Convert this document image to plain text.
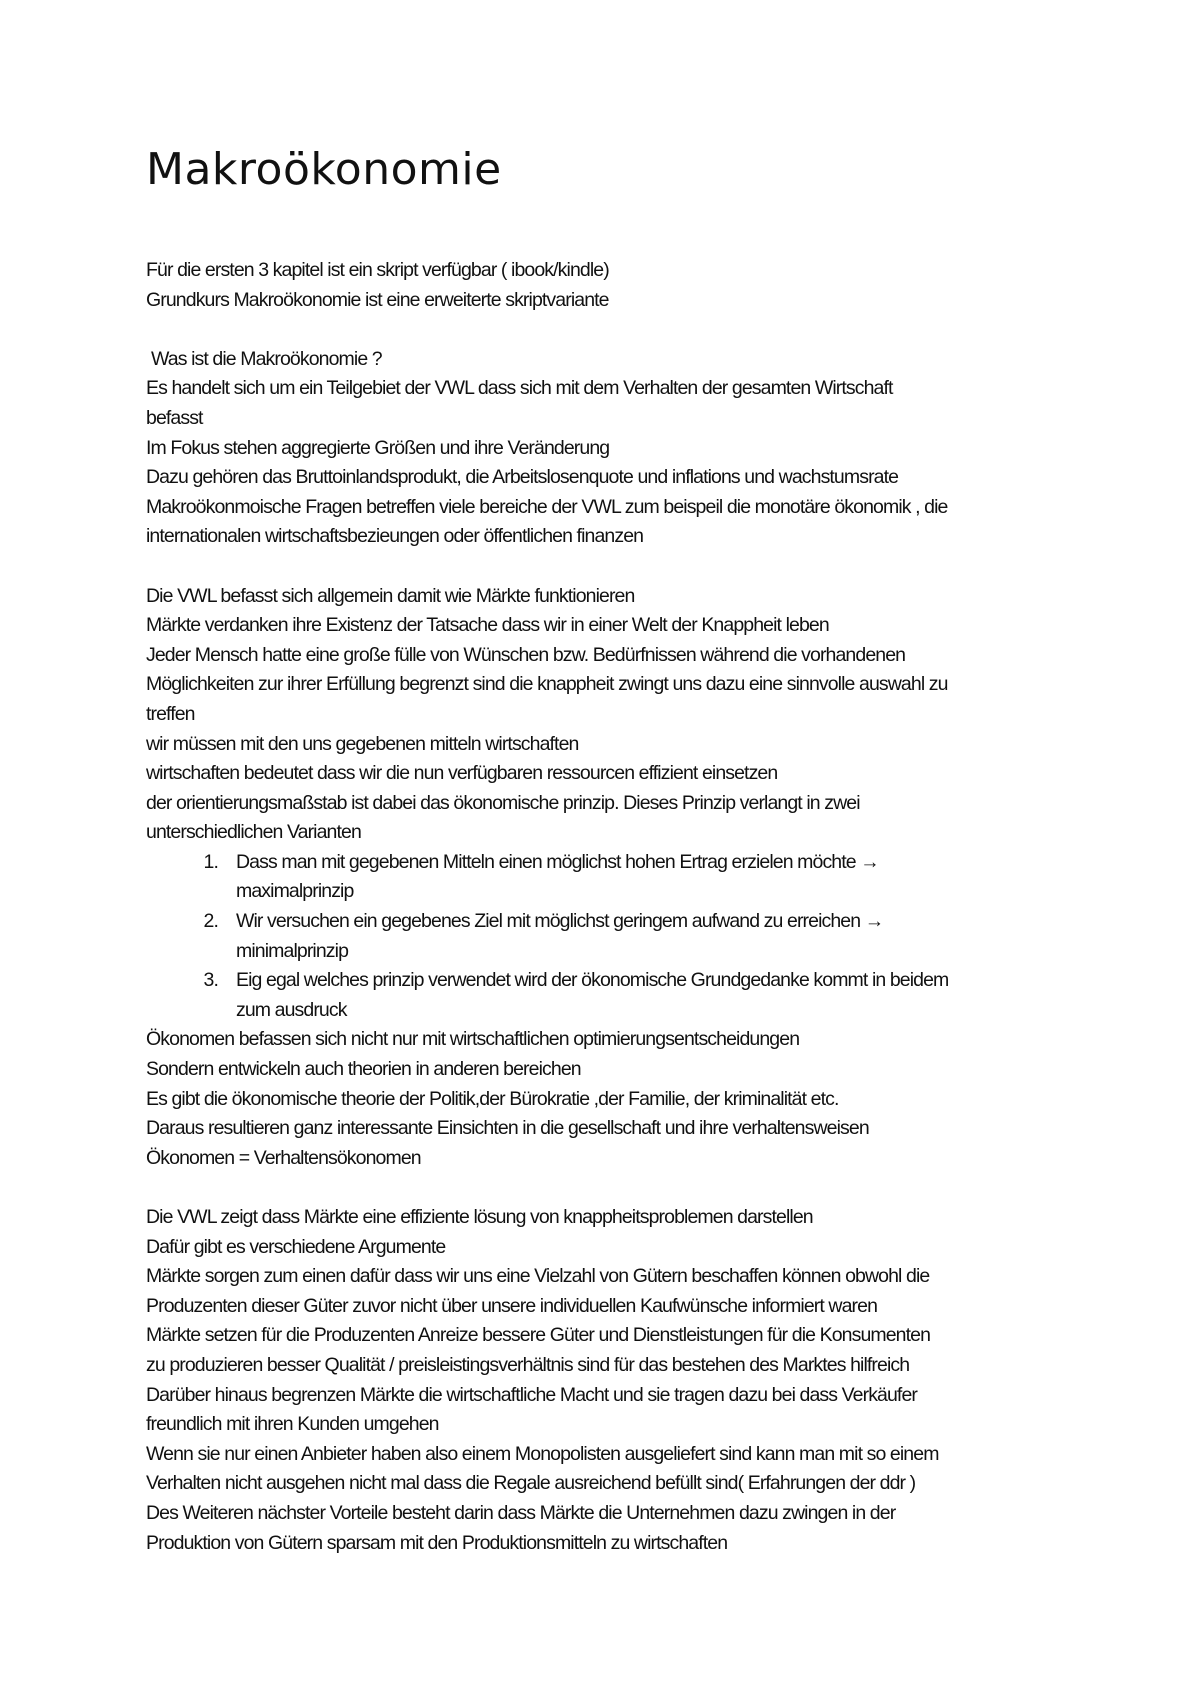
Makroökonomie
Für die ersten 3 kapitel ist ein skript verfügbar ( ibook/kindle)
Grundkurs Makroökonomie ist eine erweiterte skriptvariante
Was ist die Makroökonomie ?
Es handelt sich um ein Teilgebiet der VWL dass sich mit dem Verhalten der gesamten Wirtschaft
befasst
Im Fokus stehen aggregierte Größen und ihre Veränderung
Dazu gehören das Bruttoinlandsprodukt, die Arbeitslosenquote und inflations und wachstumsrate
Makroökonmoische Fragen betreffen viele bereiche der VWL zum beispeil die monotäre ökonomik , die
internationalen wirtschaftsbezieungen oder öffentlichen finanzen
Die VWL befasst sich allgemein damit wie Märkte funktionieren
Märkte verdanken ihre Existenz der Tatsache dass wir in einer Welt der Knappheit leben
Jeder Mensch hatte eine große fülle von Wünschen bzw. Bedürfnissen während die vorhandenen
Möglichkeiten zur ihrer Erfüllung begrenzt sind die knappheit zwingt uns dazu eine sinnvolle auswahl zu
treffen
wir müssen mit den uns gegebenen mitteln wirtschaften
wirtschaften bedeutet dass wir die nun verfügbaren ressourcen effizient einsetzen
der orientierungsmaßstab ist dabei das ökonomische prinzip. Dieses Prinzip verlangt in zwei
unterschiedlichen Varianten
1. Dass man mit gegebenen Mitteln einen möglichst hohen Ertrag erzielen möchte →
maximalprinzip
2. Wir versuchen ein gegebenes Ziel mit möglichst geringem aufwand zu erreichen →
minimalprinzip
3. Eig egal welches prinzip verwendet wird der ökonomische Grundgedanke kommt in beidem
zum ausdruck
Ökonomen befassen sich nicht nur mit wirtschaftlichen optimierungsentscheidungen
Sondern entwickeln auch theorien in anderen bereichen
Es gibt die ökonomische theorie der Politik,der Bürokratie ,der Familie, der kriminalität etc.
Daraus resultieren ganz interessante Einsichten in die gesellschaft und ihre verhaltensweisen
Ökonomen = Verhaltensökonomen
Die VWL zeigt dass Märkte eine effiziente lösung von knappheitsproblemen darstellen
Dafür gibt es verschiedene Argumente
Märkte sorgen zum einen dafür dass wir uns eine Vielzahl von Gütern beschaffen können obwohl die
Produzenten dieser Güter zuvor nicht über unsere individuellen Kaufwünsche informiert waren
Märkte setzen für die Produzenten Anreize bessere Güter und Dienstleistungen für die Konsumenten
zu produzieren besser Qualität / preisleistingsverhältnis sind für das bestehen des Marktes hilfreich
Darüber hinaus begrenzen Märkte die wirtschaftliche Macht und sie tragen dazu bei dass Verkäufer
freundlich mit ihren Kunden umgehen
Wenn sie nur einen Anbieter haben also einem Monopolisten ausgeliefert sind kann man mit so einem
Verhalten nicht ausgehen nicht mal dass die Regale ausreichend befüllt sind( Erfahrungen der ddr )
Des Weiteren nächster Vorteile besteht darin dass Märkte die Unternehmen dazu zwingen in der
Produktion von Gütern sparsam mit den Produktionsmitteln zu wirtschaften
